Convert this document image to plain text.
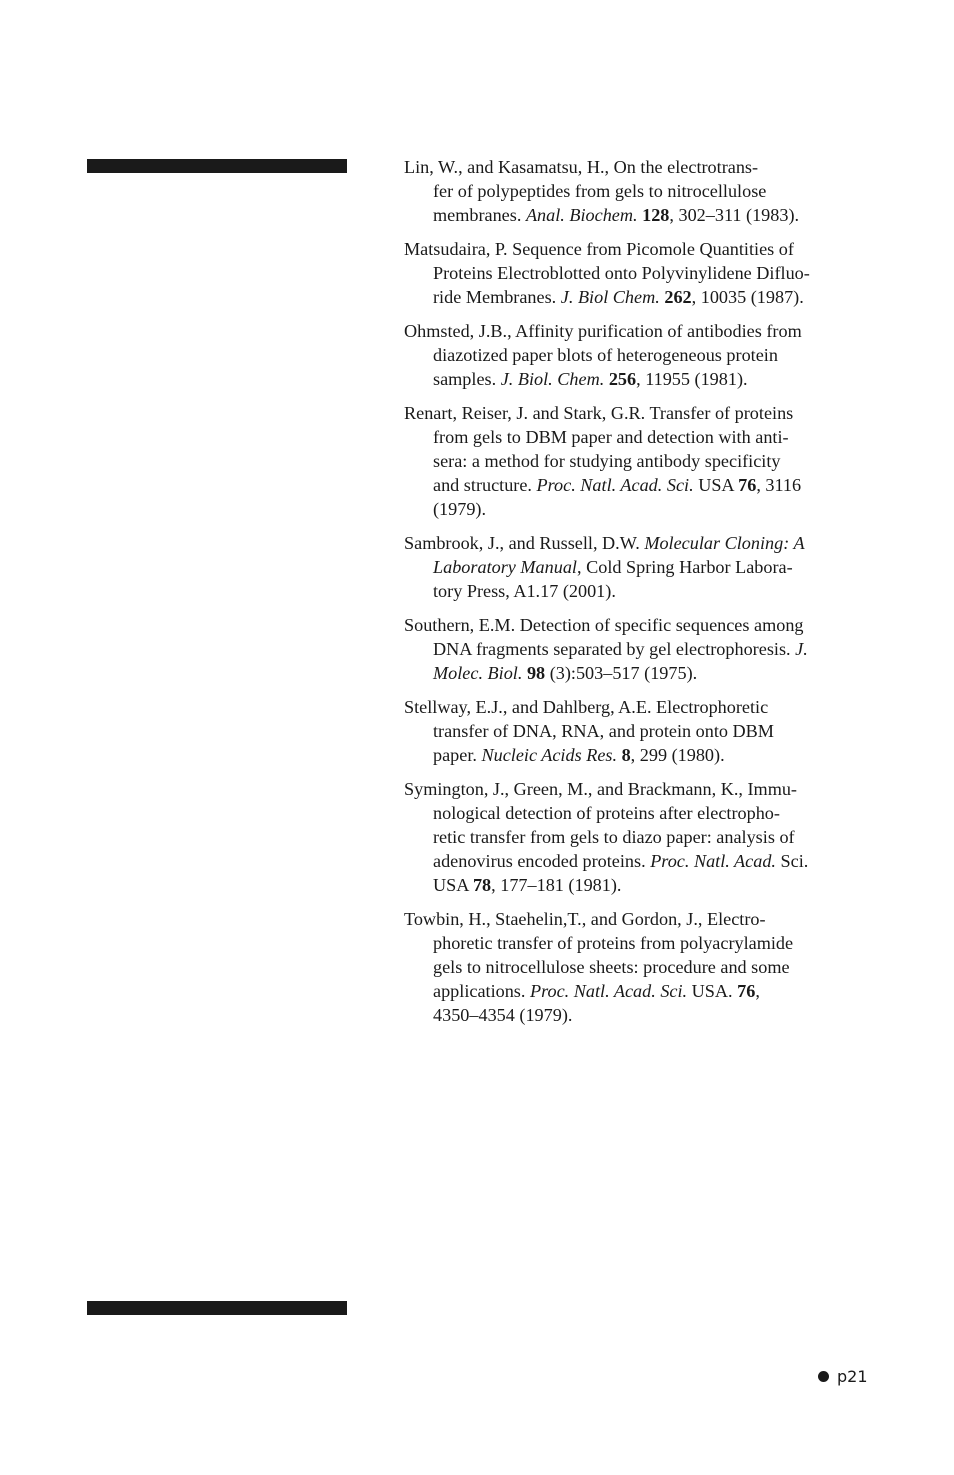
Lin, W., and Kasamatsu, H., On the electrotrans-
fer of polypeptides from gels to nitrocellulose
membranes. Anal. Biochem. 128, 302–311 (1983).

Matsudaira, P. Sequence from Picomole Quantities of
Proteins Electroblotted onto Polyvinylidene Difluo-
ride Membranes. J. Biol Chem. 262, 10035 (1987).

Ohmsted, J.B., Affinity purification of antibodies from
diazotized paper blots of heterogeneous protein
samples. J. Biol. Chem. 256, 11955 (1981).

Renart, Reiser, J. and Stark, G.R. Transfer of proteins
from gels to DBM paper and detection with anti-
sera: a method for studying antibody specificity
and structure. Proc. Natl. Acad. Sci. USA 76, 3116
(1979).

Sambrook, J., and Russell, D.W. Molecular Cloning: A
Laboratory Manual, Cold Spring Harbor Labora-
tory Press, A1.17 (2001).

Southern, E.M. Detection of specific sequences among
DNA fragments separated by gel electrophoresis. J.
Molec. Biol. 98 (3):503–517 (1975).

Stellway, E.J., and Dahlberg, A.E. Electrophoretic
transfer of DNA, RNA, and protein onto DBM
paper. Nucleic Acids Res. 8, 299 (1980).

Symington, J., Green, M., and Brackmann, K., Immu-
nological detection of proteins after electropho-
retic transfer from gels to diazo paper: analysis of
adenovirus encoded proteins. Proc. Natl. Acad. Sci.
USA 78, 177–181 (1981).

Towbin, H., Staehelin,T., and Gordon, J., Electro-
phoretic transfer of proteins from polyacrylamide
gels to nitrocellulose sheets: procedure and some
applications. Proc. Natl. Acad. Sci. USA. 76,
4350–4354 (1979).

p21
